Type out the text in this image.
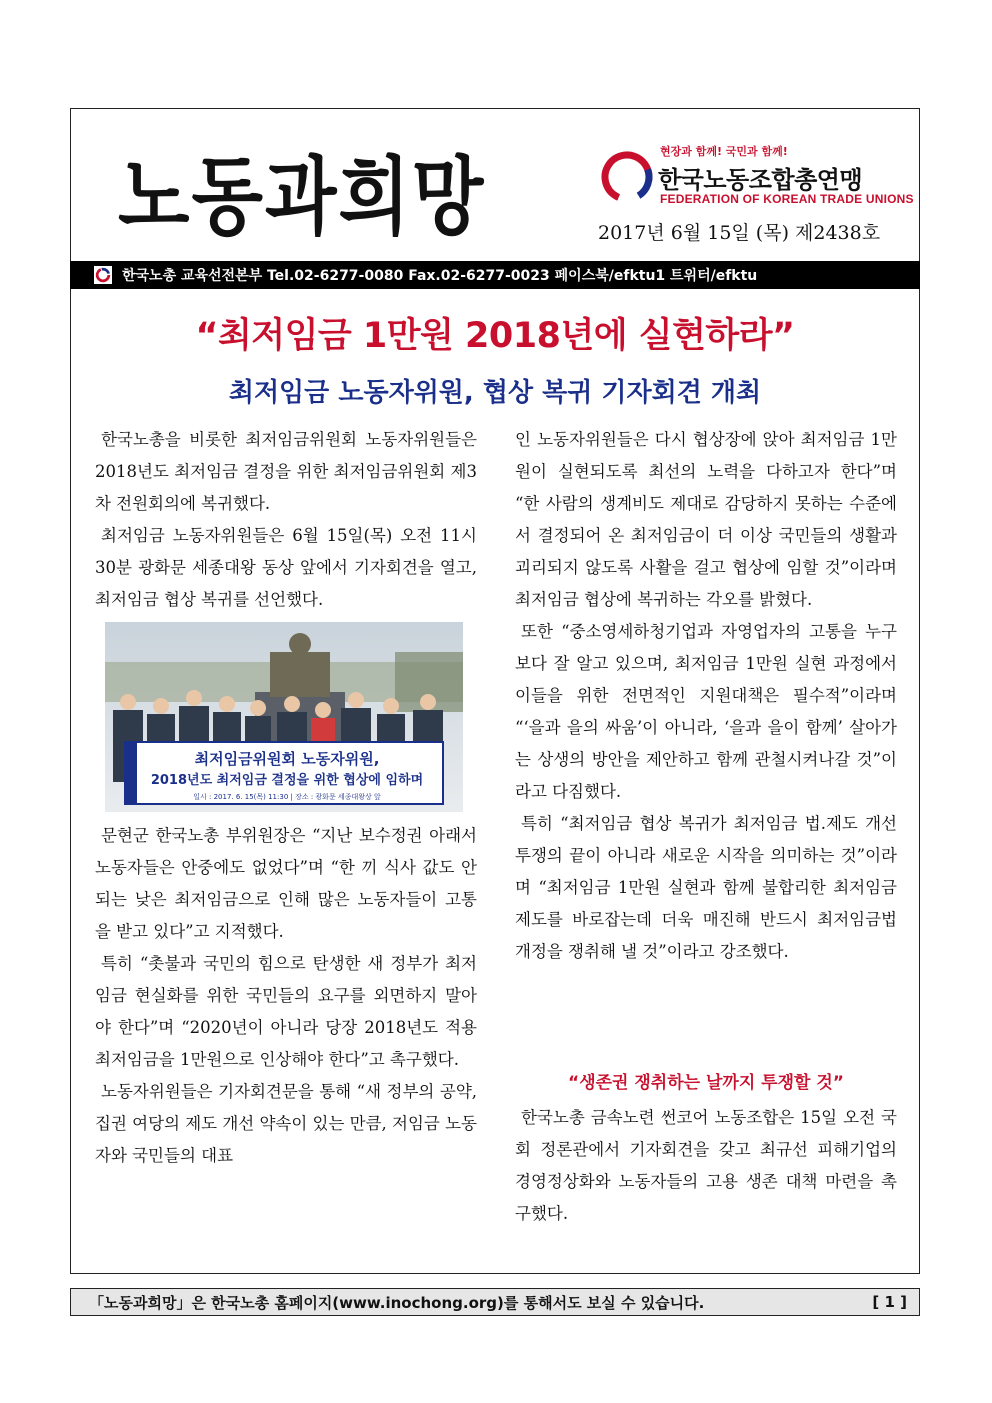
노동과희망	현장과 함께! 국민과 함께!
한국노동조합총연맹
FEDERATION OF KOREAN TRADE UNIONS
2017년 6월 15일 (목) 제2438호
한국노총 교육선전본부 Tel.02-6277-0080 Fax.02-6277-0023 페이스북/efktu1 트위터/efktu
“최저임금 1만원 2018년에 실현하라”
최저임금 노동자위원, 협상 복귀 기자회견 개최

한국노총을 비롯한 최저임금위원회 노동자위원들은 2018년도 최저임금 결정을 위한 최저임금위원회 제3차 전원회의에 복귀했다.

최저임금 노동자위원들은 6월 15일(목) 오전 11시 30분 광화문 세종대왕 동상 앞에서 기자회견을 열고, 최저임금 협상 복귀를 선언했다.

최저임금위원회 노동자위원,
2018년도 최저임금 결정을 위한 협상에 임하며
일시 : 2017. 6. 15(목) 11:30 | 장소 : 광화문 세종대왕상 앞

문현군 한국노총 부위원장은 “지난 보수정권 아래서 노동자들은 안중에도 없었다”며 “한 끼 식사 값도 안되는 낮은 최저임금으로 인해 많은 노동자들이 고통을 받고 있다”고 지적했다.

특히 “촛불과 국민의 힘으로 탄생한 새 정부가 최저임금 현실화를 위한 국민들의 요구를 외면하지 말아야 한다”며 “2020년이 아니라 당장 2018년도 적용 최저임금을 1만원으로 인상해야 한다”고 촉구했다.

노동자위원들은 기자회견문을 통해 “새 정부의 공약, 집권 여당의 제도 개선 약속이 있는 만큼, 저임금 노동자와 국민들의 대표

인 노동자위원들은 다시 협상장에 앉아 최저임금 1만원이 실현되도록 최선의 노력을 다하고자 한다”며 “한 사람의 생계비도 제대로 감당하지 못하는 수준에서 결정되어 온 최저임금이 더 이상 국민들의 생활과 괴리되지 않도록 사활을 걸고 협상에 임할 것”이라며 최저임금 협상에 복귀하는 각오를 밝혔다.

또한 “중소영세하청기업과 자영업자의 고통을 누구보다 잘 알고 있으며, 최저임금 1만원 실현 과정에서 이들을 위한 전면적인 지원대책은 필수적”이라며 “‘을과 을의 싸움’이 아니라, ‘을과 을이 함께’ 살아가는 상생의 방안을 제안하고 함께 관철시켜나갈 것”이라고 다짐했다.

특히 “최저임금 협상 복귀가 최저임금 법.제도 개선 투쟁의 끝이 아니라 새로운 시작을 의미하는 것”이라며 “최저임금 1만원 실현과 함께 불합리한 최저임금제도를 바로잡는데 더욱 매진해 반드시 최저임금법 개정을 쟁취해 낼 것”이라고 강조했다.

“생존권 쟁취하는 날까지 투쟁할 것”

한국노총 금속노련 썬코어 노동조합은 15일 오전 국회 정론관에서 기자회견을 갖고 최규선 피해기업의 경영정상화와 노동자들의 고용 생존 대책 마련을 촉구했다.

「노동과희망」은 한국노총 홈페이지(www.inochong.org)를 통해서도 보실 수 있습니다.	[ 1 ]
